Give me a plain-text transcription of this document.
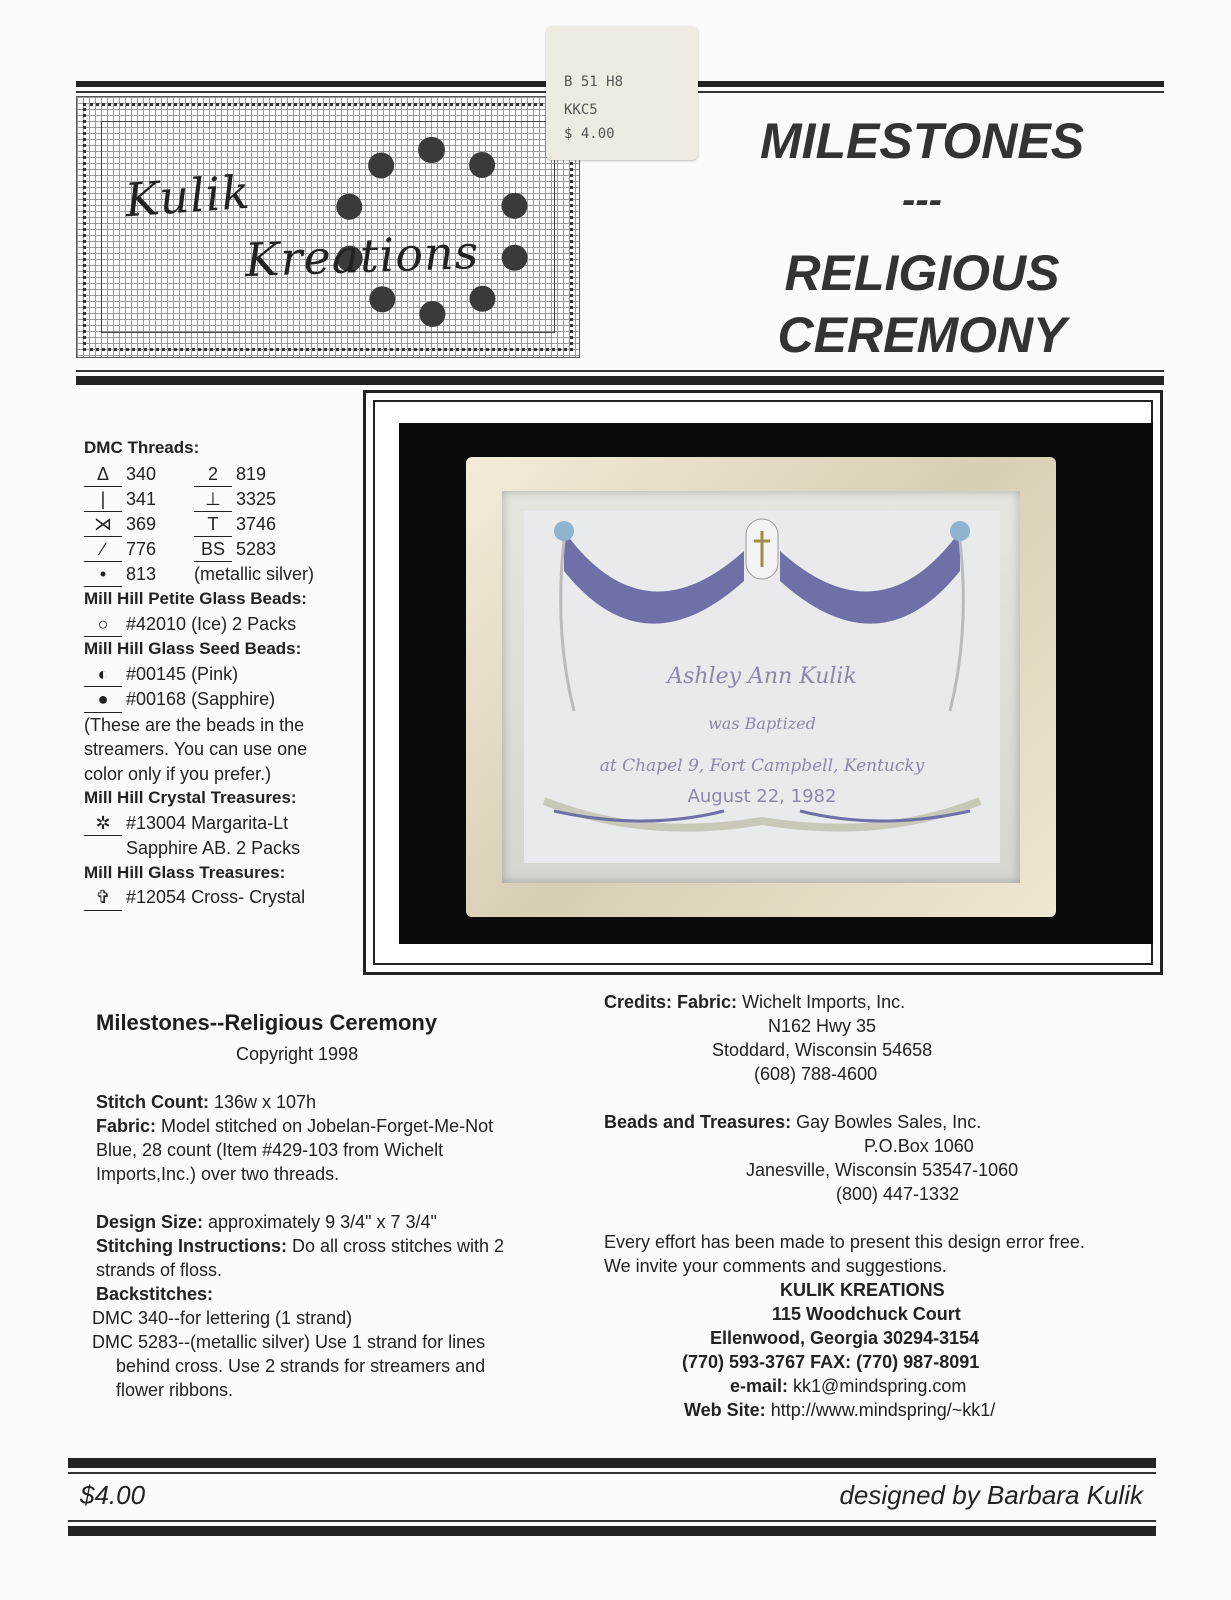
Kulik
Kreations
B 51 H8
KKC5
$ 4.00	MILESTONES
---
RELIGIOUS
CEREMONY
Ashley Ann Kulik
was Baptized
at Chapel 9, Fort Campbell, Kentucky
August 22, 1982
DMC Threads:
Δ 340
| 341
⋊ 369
∕ 776
• 813
2 819
⊥ 3325
T 3746
BS 5283
(metallic silver)
Mill Hill Petite Glass Beads:
○ #42010 (Ice) 2 Packs
Mill Hill Glass Seed Beads:
◐ #00145 (Pink)
● #00168 (Sapphire)
(These are the beads in the
streamers. You can use one
color only if you prefer.)
Mill Hill Crystal Treasures:
✲ #13004 Margarita-Lt
Sapphire AB. 2 Packs
Mill Hill Glass Treasures:
✞ #12054 Cross- Crystal
Milestones--Religious Ceremony
Copyright 1998
Stitch Count: 136w x 107h
Fabric: Model stitched on Jobelan-Forget-Me-Not
Blue, 28 count (Item #429-103 from Wichelt
Imports,Inc.) over two threads.
Design Size: approximately 9 3/4" x 7 3/4"
Stitching Instructions: Do all cross stitches with 2
strands of floss.
Backstitches:
DMC 340--for lettering (1 strand)
DMC 5283--(metallic silver) Use 1 strand for lines
behind cross. Use 2 strands for streamers and
flower ribbons.
Credits: Fabric: Wichelt Imports, Inc.
N162 Hwy 35
Stoddard, Wisconsin 54658
(608) 788-4600
Beads and Treasures: Gay Bowles Sales, Inc.
P.O.Box 1060
Janesville, Wisconsin 53547-1060
(800) 447-1332
Every effort has been made to present this design error free.
We invite your comments and suggestions.
KULIK KREATIONS
115 Woodchuck Court
Ellenwood, Georgia 30294-3154
(770) 593-3767 FAX: (770) 987-8091
e-mail: kk1@mindspring.com
Web Site: http://www.mindspring/~kk1/
$4.00	designed by Barbara Kulik
